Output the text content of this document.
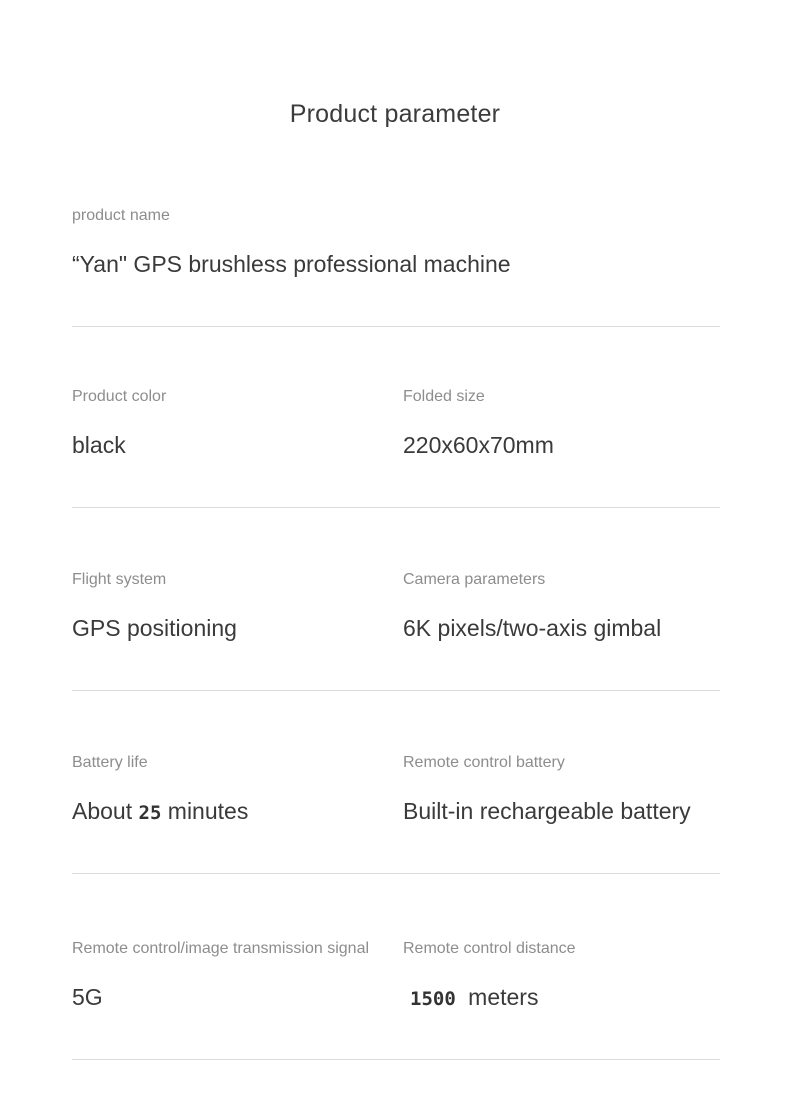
Product parameter
product name
“Yan" GPS brushless professional machine
Product color
black
Folded size
220x60x70mm
Flight system
GPS positioning
Camera parameters
6K pixels/two-axis gimbal
Battery life
About 25 minutes
Remote control battery
Built-in rechargeable battery
Remote control/image transmission signal
5G
Remote control distance
1500 meters
